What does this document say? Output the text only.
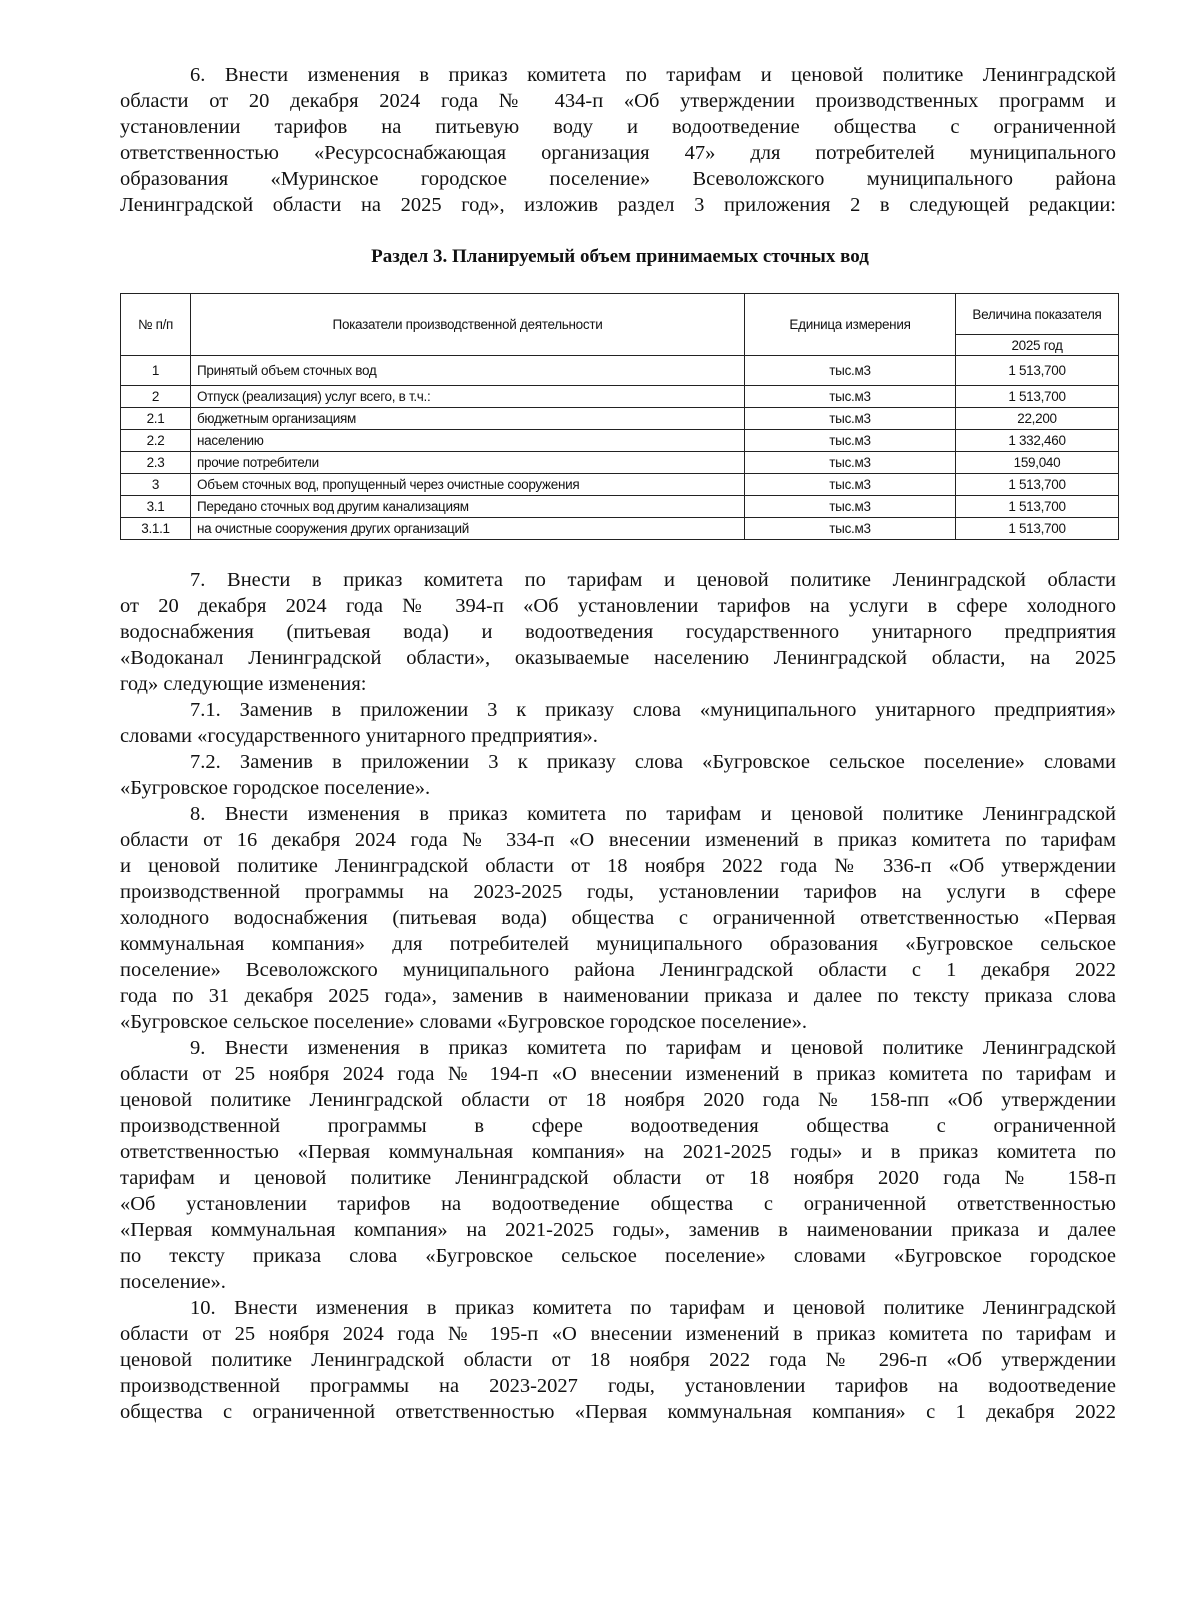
6. Внести изменения в приказ комитета по тарифам и ценовой политике Ленинградской
области от 20 декабря 2024 года № 434-п «Об утверждении производственных программ и
установлении тарифов на питьевую воду и водоотведение общества с ограниченной
ответственностью «Ресурсоснабжающая организация 47» для потребителей муниципального
образования «Муринское городское поселение» Всеволожского муниципального района
Ленинградской области на 2025 год», изложив раздел 3 приложения 2 в следующей редакции:
Раздел 3. Планируемый объем принимаемых сточных вод
№ п/п	Показатели производственной деятельности	Единица измерения	Величина показателя
			2025 год
1	Принятый объем сточных вод	тыс.м3	1 513,700
2	Отпуск (реализация) услуг всего, в т.ч.:	тыс.м3	1 513,700
2.1	бюджетным организациям	тыс.м3	22,200
2.2	населению	тыс.м3	1 332,460
2.3	прочие потребители	тыс.м3	159,040
3	Объем сточных вод, пропущенный через очистные сооружения	тыс.м3	1 513,700
3.1	Передано сточных вод другим канализациям	тыс.м3	1 513,700
3.1.1	на очистные сооружения других организаций	тыс.м3	1 513,700
7. Внести в приказ комитета по тарифам и ценовой политике Ленинградской области
от 20 декабря 2024 года № 394-п «Об установлении тарифов на услуги в сфере холодного
водоснабжения (питьевая вода) и водоотведения государственного унитарного предприятия
«Водоканал Ленинградской области», оказываемые населению Ленинградской области, на 2025
год» следующие изменения:
7.1. Заменив в приложении 3 к приказу слова «муниципального унитарного предприятия»
словами «государственного унитарного предприятия».
7.2. Заменив в приложении 3 к приказу слова «Бугровское сельское поселение» словами
«Бугровское городское поселение».
8. Внести изменения в приказ комитета по тарифам и ценовой политике Ленинградской
области от 16 декабря 2024 года № 334-п «О внесении изменений в приказ комитета по тарифам
и ценовой политике Ленинградской области от 18 ноября 2022 года № 336-п «Об утверждении
производственной программы на 2023-2025 годы, установлении тарифов на услуги в сфере
холодного водоснабжения (питьевая вода) общества с ограниченной ответственностью «Первая
коммунальная компания» для потребителей муниципального образования «Бугровское сельское
поселение» Всеволожского муниципального района Ленинградской области с 1 декабря 2022
года по 31 декабря 2025 года», заменив в наименовании приказа и далее по тексту приказа слова
«Бугровское сельское поселение» словами «Бугровское городское поселение».
9. Внести изменения в приказ комитета по тарифам и ценовой политике Ленинградской
области от 25 ноября 2024 года № 194-п «О внесении изменений в приказ комитета по тарифам и
ценовой политике Ленинградской области от 18 ноября 2020 года № 158-пп «Об утверждении
производственной программы в сфере водоотведения общества с ограниченной
ответственностью «Первая коммунальная компания» на 2021-2025 годы» и в приказ комитета по
тарифам и ценовой политике Ленинградской области от 18 ноября 2020 года № 158-п
«Об установлении тарифов на водоотведение общества с ограниченной ответственностью
«Первая коммунальная компания» на 2021-2025 годы», заменив в наименовании приказа и далее
по тексту приказа слова «Бугровское сельское поселение» словами «Бугровское городское
поселение».
10. Внести изменения в приказ комитета по тарифам и ценовой политике Ленинградской
области от 25 ноября 2024 года № 195-п «О внесении изменений в приказ комитета по тарифам и
ценовой политике Ленинградской области от 18 ноября 2022 года № 296-п «Об утверждении
производственной программы на 2023-2027 годы, установлении тарифов на водоотведение
общества с ограниченной ответственностью «Первая коммунальная компания» с 1 декабря 2022
